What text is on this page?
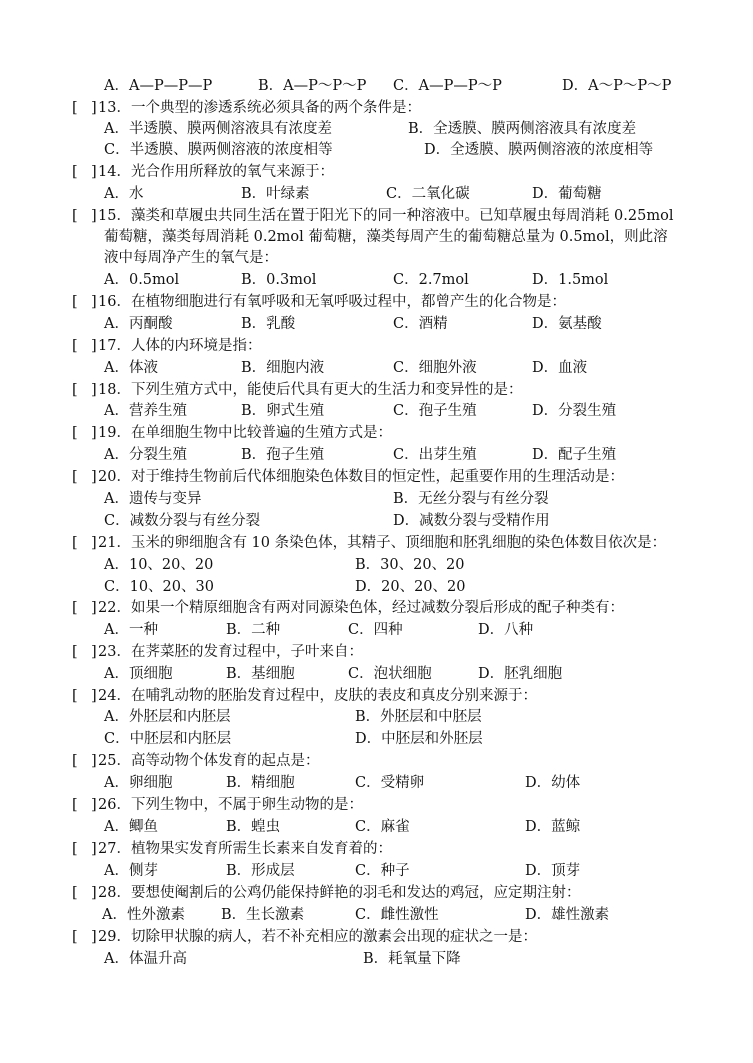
A．A—P—P—P	B．A—P～P～P C．A—P—P～P	D．A～P～P～P
[ ] 13．一个典型的渗透系统必须具备的两个条件是：
A．半透膜、膜两侧溶液具有浓度差	B．全透膜、膜两侧溶液具有浓度差
C．半透膜、膜两侧溶液的浓度相等	D．全透膜、膜两侧溶液的浓度相等
[ ] 14．光合作用所释放的氧气来源于：
A．水	B．叶绿素	C．二氧化碳	D．葡萄糖
[ ] 15．藻类和草履虫共同生活在置于阳光下的同一种溶液中。已知草履虫每周消耗 0.25mol
葡萄糖，藻类每周消耗 0.2mol 葡萄糖，藻类每周产生的葡萄糖总量为 0.5mol，则此溶
液中每周净产生的氧气是：
A．0.5mol	B．0.3mol	C．2.7mol	D．1.5mol
[ ] 16．在植物细胞进行有氧呼吸和无氧呼吸过程中，都曾产生的化合物是：
A．丙酮酸	B．乳酸	C．酒精	D．氨基酸
[ ] 17．人体的内环境是指：
A．体液	B．细胞内液	C．细胞外液	D．血液
[ ] 18．下列生殖方式中，能使后代具有更大的生活力和变异性的是：
A．营养生殖	B．卵式生殖	C．孢子生殖	D．分裂生殖
[ ] 19．在单细胞生物中比较普遍的生殖方式是：
A．分裂生殖	B．孢子生殖	C．出芽生殖	D．配子生殖
[ ] 20．对于维持生物前后代体细胞染色体数目的恒定性，起重要作用的生理活动是：
A．遗传与变异	B．无丝分裂与有丝分裂
C．减数分裂与有丝分裂	D．减数分裂与受精作用
[ ] 21．玉米的卵细胞含有 10 条染色体，其精子、顶细胞和胚乳细胞的染色体数目依次是：
A．10、20、20	B．30、20、20
C．10、20、30	D．20、20、20
[ ] 22．如果一个精原细胞含有两对同源染色体，经过减数分裂后形成的配子种类有：
A．一种	B．二种	C．四种	D．八种
[ ] 23．在荠菜胚的发育过程中，子叶来自：
A．顶细胞	B．基细胞	C．泡状细胞	D．胚乳细胞
[ ] 24．在哺乳动物的胚胎发育过程中，皮肤的表皮和真皮分别来源于：
A．外胚层和内胚层	B．外胚层和中胚层
C．中胚层和内胚层	D．中胚层和外胚层
[ ] 25．高等动物个体发育的起点是：
A．卵细胞	B．精细胞	C．受精卵	D．幼体
[ ] 26．下列生物中，不属于卵生动物的是：
A．鲫鱼	B．蝗虫	C．麻雀	D．蓝鲸
[ ] 27．植物果实发育所需生长素来自发育着的：
A．侧芽	B．形成层	C．种子	D．顶芽
[ ] 28．要想使阉割后的公鸡仍能保持鲜艳的羽毛和发达的鸡冠，应定期注射：
A．性外激素 B．生长激素	C．雌性激性	D．雄性激素
[ ] 29．切除甲状腺的病人，若不补充相应的激素会出现的症状之一是：
A．体温升高	B．耗氧量下降
